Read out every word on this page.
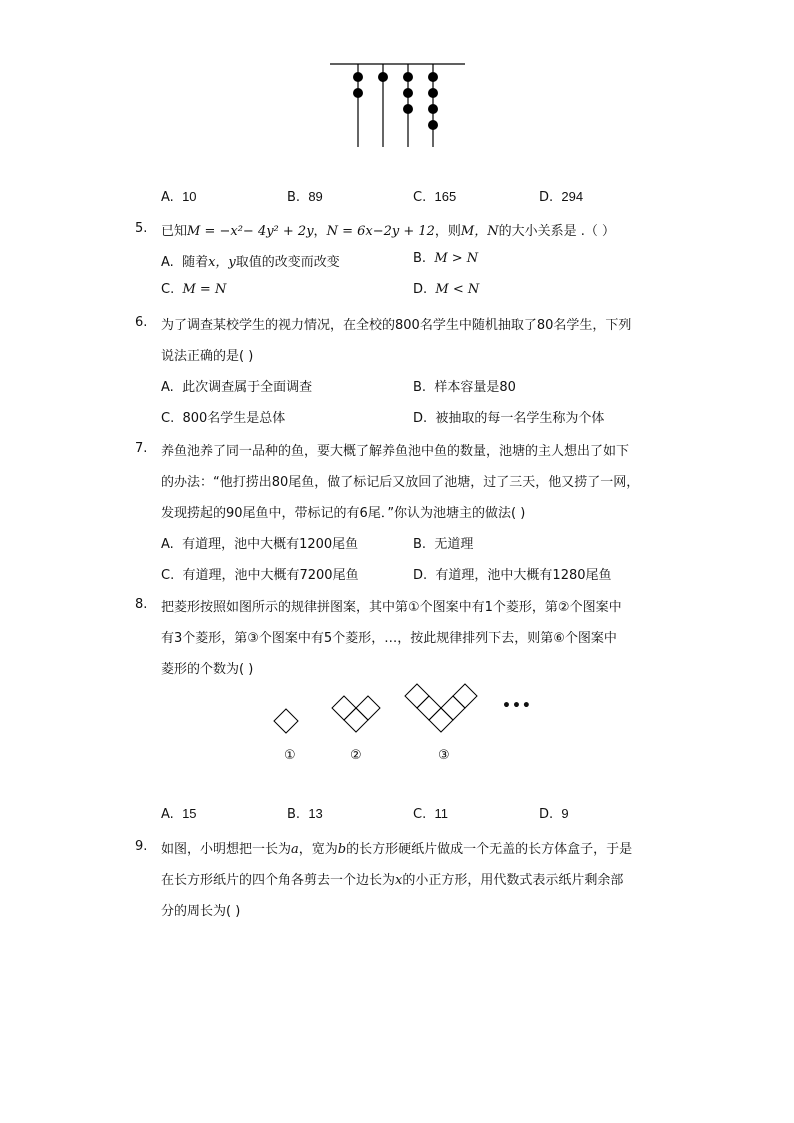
A. 10	B. 89	C. 165	D. 294
5. 已知M = −x²− 4y² + 2y，N = 6x−2y + 12，则M，N的大小关系是 .（ ）
A. 随着x，y取值的改变而改变	B. M > N
C. M = N	D. M < N
6. 为了调查某校学生的视力情况，在全校的800名学生中随机抽取了80名学生，下列
说法正确的是( )
A. 此次调查属于全面调查	B. 样本容量是80
C. 800名学生是总体	D. 被抽取的每一名学生称为个体
7. 养鱼池养了同一品种的鱼，要大概了解养鱼池中鱼的数量，池塘的主人想出了如下
的办法：“他打捞出80尾鱼，做了标记后又放回了池塘，过了三天，他又捞了一网，
发现捞起的90尾鱼中，带标记的有6尾．”你认为池塘主的做法( )
A. 有道理，池中大概有1200尾鱼	B. 无道理
C. 有道理，池中大概有7200尾鱼	D. 有道理，池中大概有1280尾鱼
8. 把菱形按照如图所示的规律拼图案，其中第①个图案中有1个菱形，第②个图案中
有3个菱形，第③个图案中有5个菱形，…，按此规律排列下去，则第⑥个图案中
菱形的个数为( )
•••
①	②	③
A. 15	B. 13	C. 11	D. 9
9. 如图，小明想把一长为a，宽为b的长方形硬纸片做成一个无盖的长方体盒子，于是
在长方形纸片的四个角各剪去一个边长为x的小正方形，用代数式表示纸片剩余部
分的周长为( )
